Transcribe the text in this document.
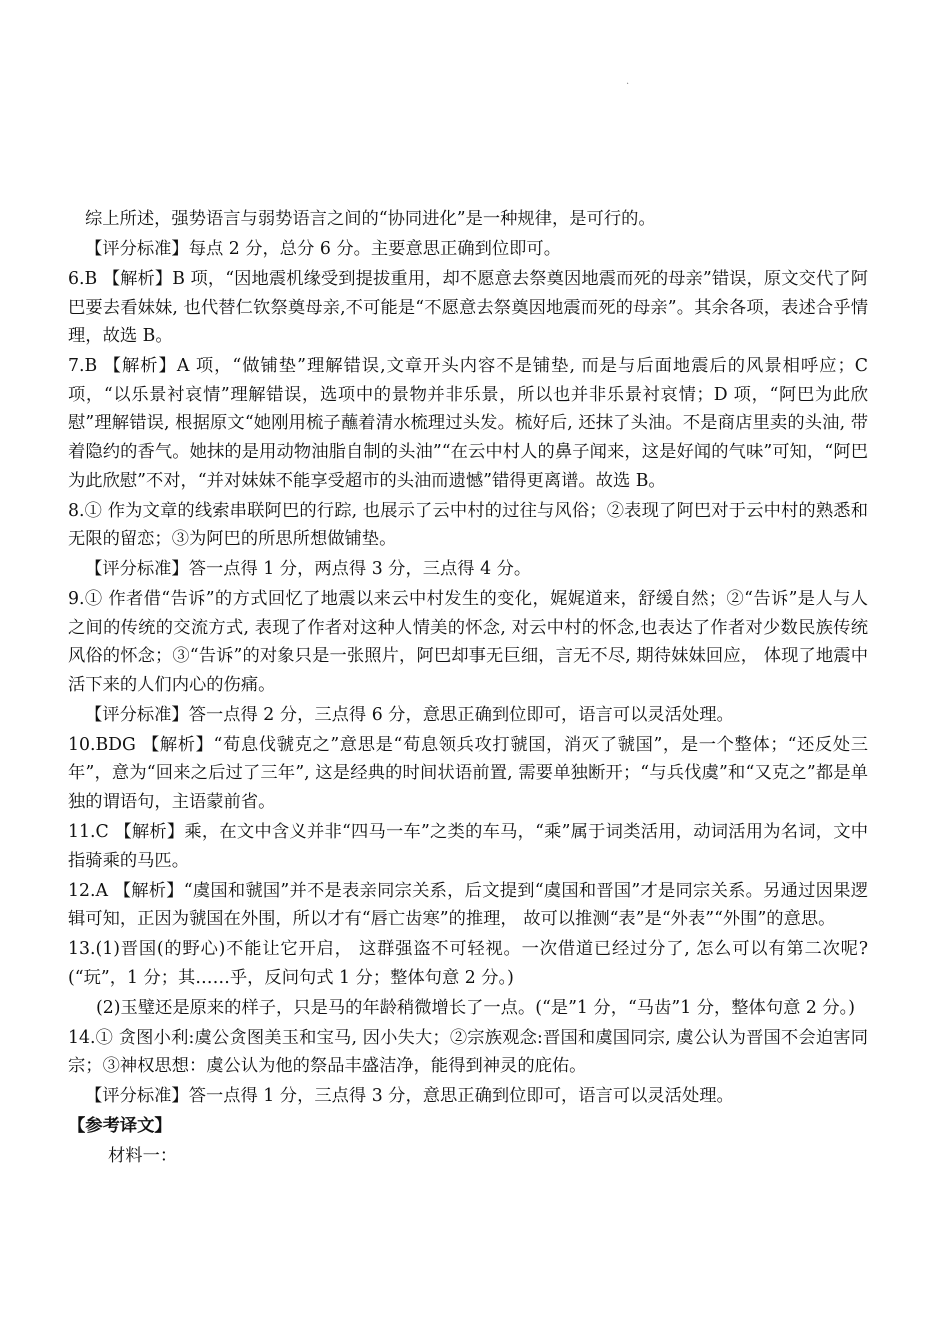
.

综上所述，强势语言与弱势语言之间的“协同进化”是一种规律，是可行的。

【评分标准】每点 2 分，总分 6 分。主要意思正确到位即可。

6.B 【解析】B 项，“因地震机缘受到提拔重用，却不愿意去祭奠因地震而死的母亲”错误，原文交代了阿巴要去看妹妹, 也代替仁钦祭奠母亲,不可能是“不愿意去祭奠因地震而死的母亲”。其余各项，表述合乎情理，故选 B。

7.B 【解析】A 项，“做铺垫”理解错误,文章开头内容不是铺垫, 而是与后面地震后的风景相呼应；C 项，“以乐景衬哀情”理解错误，选项中的景物并非乐景，所以也并非乐景衬哀情；D 项，“阿巴为此欣慰”理解错误, 根据原文“她刚用梳子蘸着清水梳理过头发。梳好后, 还抹了头油。不是商店里卖的头油, 带着隐约的香气。她抹的是用动物油脂自制的头油”“在云中村人的鼻子闻来，这是好闻的气味”可知，“阿巴为此欣慰”不对，“并对妹妹不能享受超市的头油而遗憾”错得更离谱。故选 B。

8.① 作为文章的线索串联阿巴的行踪, 也展示了云中村的过往与风俗；②表现了阿巴对于云中村的熟悉和无限的留恋；③为阿巴的所思所想做铺垫。

【评分标准】答一点得 1 分，两点得 3 分，三点得 4 分。

9.① 作者借“告诉”的方式回忆了地震以来云中村发生的变化，娓娓道来，舒缓自然；②“告诉”是人与人之间的传统的交流方式, 表现了作者对这种人情美的怀念, 对云中村的怀念,也表达了作者对少数民族传统风俗的怀念；③“告诉”的对象只是一张照片，阿巴却事无巨细，言无不尽, 期待妹妹回应， 体现了地震中活下来的人们内心的伤痛。

【评分标准】答一点得 2 分，三点得 6 分，意思正确到位即可，语言可以灵活处理。

10.BDG 【解析】“荀息伐虢克之”意思是“荀息领兵攻打虢国，消灭了虢国”，是一个整体；“还反处三年”，意为“回来之后过了三年”, 这是经典的时间状语前置, 需要单独断开；“与兵伐虞”和“又克之”都是单独的谓语句，主语蒙前省。

11.C 【解析】乘，在文中含义并非“四马一车”之类的车马，“乘”属于词类活用，动词活用为名词，文中指骑乘的马匹。

12.A 【解析】“虞国和虢国”并不是表亲同宗关系，后文提到“虞国和晋国”才是同宗关系。另通过因果逻辑可知，正因为虢国在外围，所以才有“唇亡齿寒”的推理， 故可以推测“表”是“外表”“外围”的意思。

13.(1)晋国(的野心)不能让它开启， 这群强盗不可轻视。一次借道已经过分了, 怎么可以有第二次呢?(“玩”，1 分；其……乎，反问句式 1 分；整体句意 2 分。)

(2)玉璧还是原来的样子，只是马的年龄稍微增长了一点。(“是”1 分，“马齿”1 分，整体句意 2 分。)

14.① 贪图小利:虞公贪图美玉和宝马, 因小失大；②宗族观念:晋国和虞国同宗, 虞公认为晋国不会迫害同宗；③神权思想：虞公认为他的祭品丰盛洁净，能得到神灵的庇佑。

【评分标准】答一点得 1 分，三点得 3 分，意思正确到位即可，语言可以灵活处理。

【参考译文】

材料一：
